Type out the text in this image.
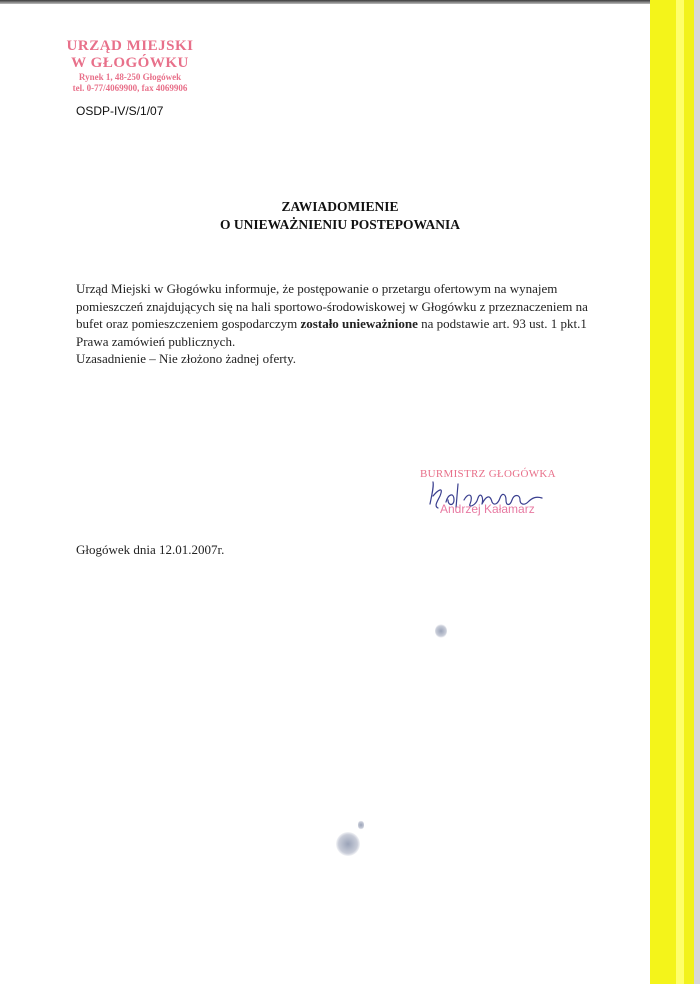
URZĄD MIEJSKI
W GŁOGÓWKU
Rynek 1, 48-250 Głogówek
tel. 0-77/4069900, fax 4069906
OSDP-IV/S/1/07
ZAWIADOMIENIE
O UNIEWAŻNIENIU POSTEPOWANIA

Urząd Miejski w Głogówku informuje, że postępowanie o przetargu ofertowym na wynajem pomieszczeń znajdujących się na hali sportowo-środowiskowej w Głogówku z przeznaczeniem na bufet oraz pomieszczeniem gospodarczym zostało unieważnione na podstawie art. 93 ust. 1 pkt.1 Prawa zamówień publicznych.

Uzasadnienie – Nie złożono żadnej oferty.

BURMISTRZ GŁOGÓWKA
Andrzej Kałamarz
Głogówek dnia 12.01.2007r.
